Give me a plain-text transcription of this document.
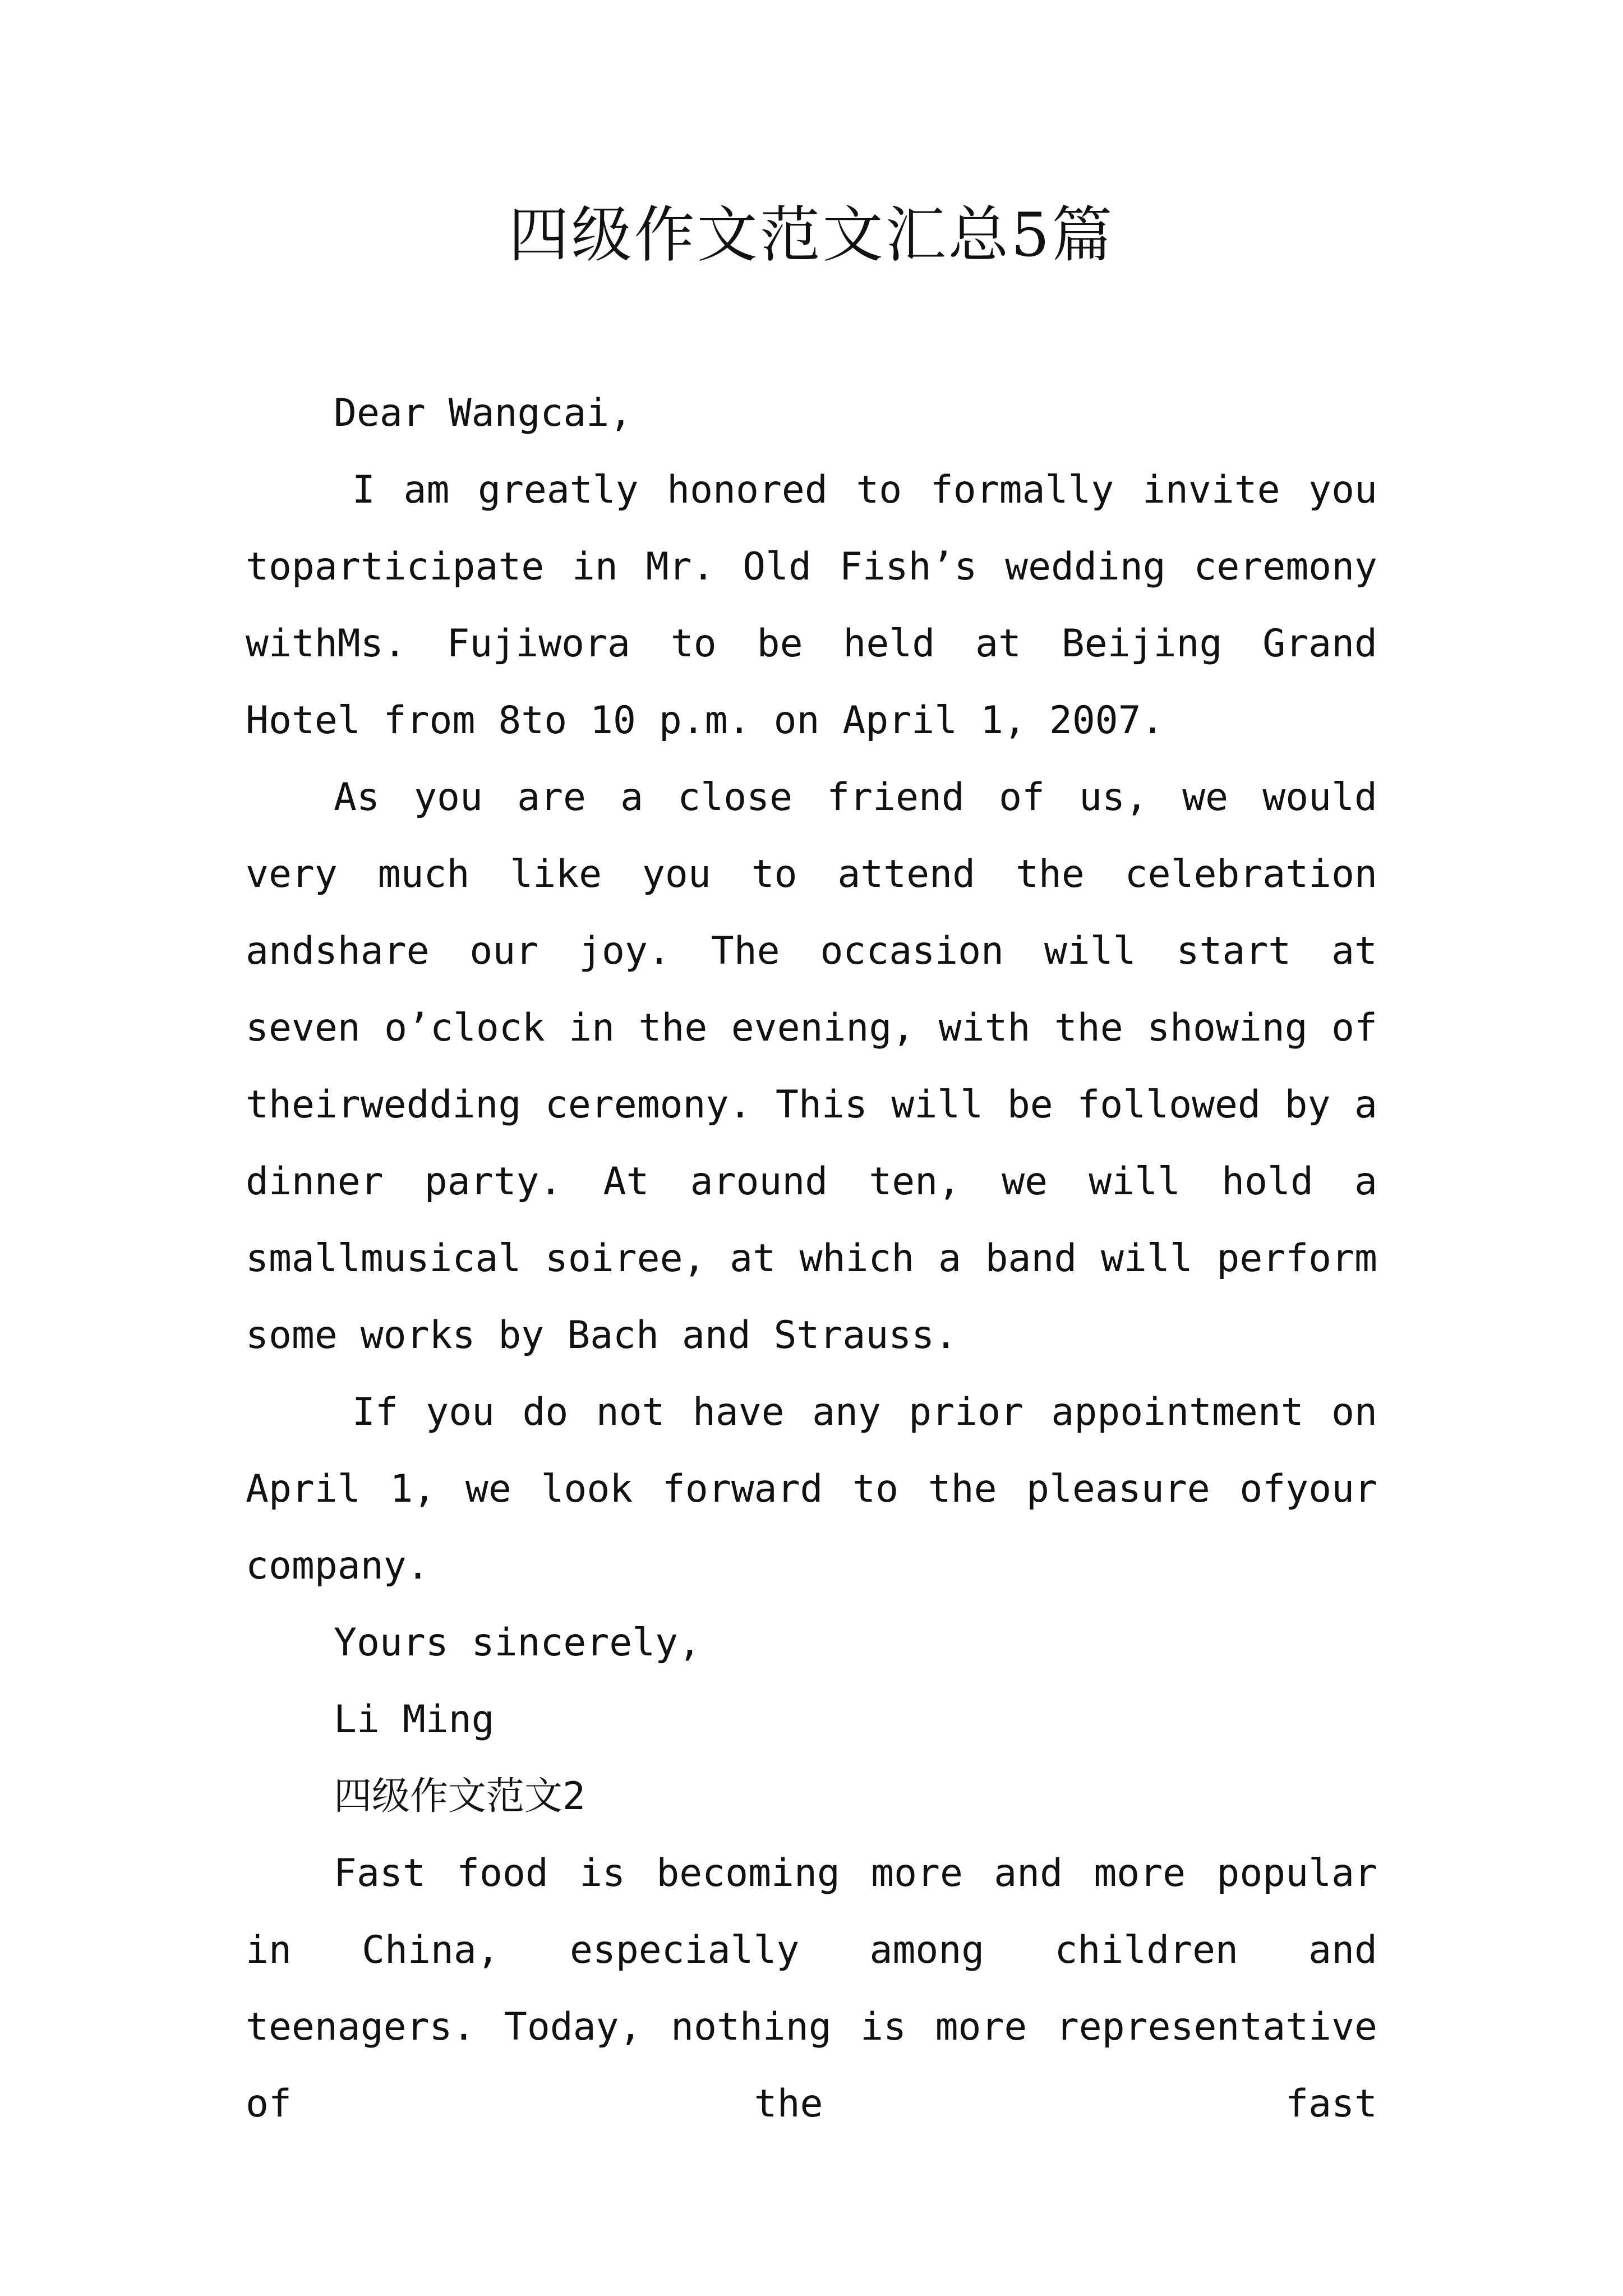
四级作文范文汇总5篇

Dear Wangcai,

I am greatly honored to formally invite you toparticipate in Mr. Old Fish’s wedding ceremony withMs. Fujiwora to be held at Beijing Grand Hotel from 8to 10 p.m. on April 1, 2007.

As you are a close friend of us, we would very much like you to attend the celebration andshare our joy. The occasion will start at seven o’clock in the evening, with the showing of theirwedding ceremony. This will be followed by a dinner party. At around ten, we will hold a smallmusical soiree, at which a band will perform some works by Bach and Strauss.

If you do not have any prior appointment on April 1, we look forward to the pleasure ofyour company.

Yours sincerely,

Li Ming

四级作文范文2

Fast food is becoming more and more popular in China, especially among children and teenagers. Today, nothing is more representative of the fast
